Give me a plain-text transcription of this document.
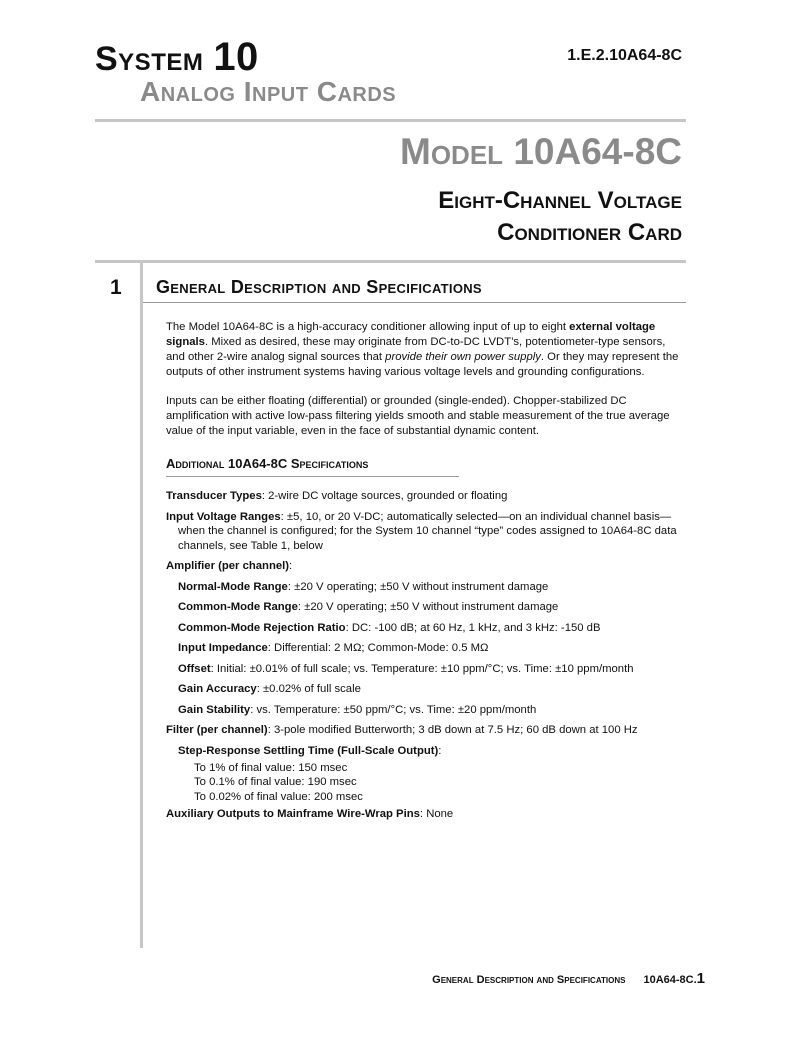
System 10	1.E.2.10A64-8C
Analog Input Cards
Model 10A64-8C
Eight-Channel Voltage
Conditioner Card
1 General Description and Specifications

The Model 10A64-8C is a high-accuracy conditioner allowing input of up to eight external voltage signals. Mixed as desired, these may originate from DC-to-DC LVDT’s, potentiometer-type sensors, and other 2-wire analog signal sources that provide their own power supply. Or they may represent the outputs of other instrument systems having various voltage levels and grounding configurations.

Inputs can be either floating (differential) or grounded (single-ended). Chopper-stabilized DC amplification with active low-pass filtering yields smooth and stable measurement of the true average value of the input variable, even in the face of substantial dynamic content.

Additional 10A64-8C Specifications
Transducer Types: 2-wire DC voltage sources, grounded or floating
Input Voltage Ranges: ±5, 10, or 20 V-DC; automatically selected—on an individual channel basis—when the channel is configured; for the System 10 channel “type” codes assigned to 10A64-8C data channels, see Table 1, below
Amplifier (per channel):
Normal-Mode Range: ±20 V operating; ±50 V without instrument damage
Common-Mode Range: ±20 V operating; ±50 V without instrument damage
Common-Mode Rejection Ratio: DC: -100 dB; at 60 Hz, 1 kHz, and 3 kHz: -150 dB
Input Impedance: Differential: 2 MΩ; Common-Mode: 0.5 MΩ
Offset: Initial: ±0.01% of full scale; vs. Temperature: ±10 ppm/°C; vs. Time: ±10 ppm/month
Gain Accuracy: ±0.02% of full scale
Gain Stability: vs. Temperature: ±50 ppm/°C; vs. Time: ±20 ppm/month
Filter (per channel): 3-pole modified Butterworth; 3 dB down at 7.5 Hz; 60 dB down at 100 Hz
Step-Response Settling Time (Full-Scale Output):
To 1% of final value: 150 msec
To 0.1% of final value: 190 msec
To 0.02% of final value: 200 msec
Auxiliary Outputs to Mainframe Wire-Wrap Pins: None
General Description and Specifications 10A64-8C.1
